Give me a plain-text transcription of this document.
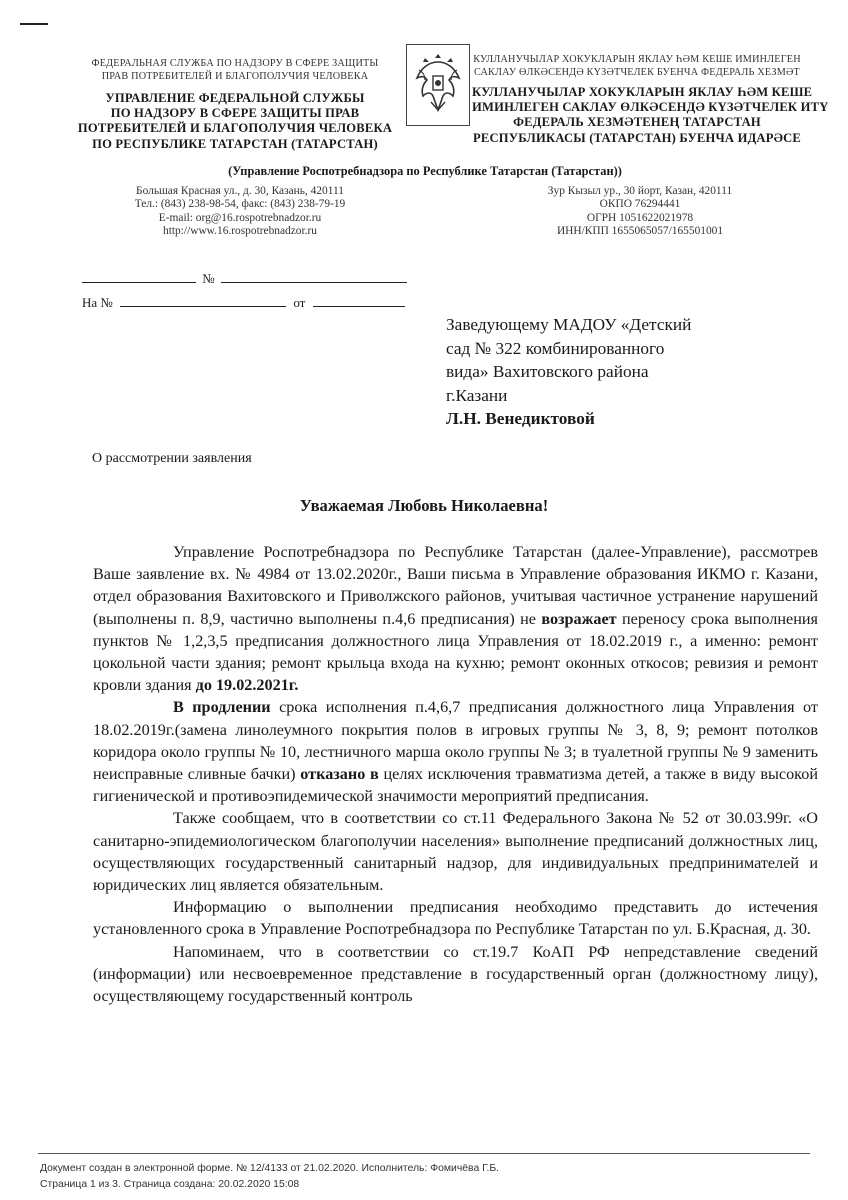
ФЕДЕРАЛЬНАЯ СЛУЖБА ПО НАДЗОРУ В СФЕРЕ ЗАЩИТЫ
ПРАВ ПОТРЕБИТЕЛЕЙ И БЛАГОПОЛУЧИЯ ЧЕЛОВЕКА
УПРАВЛЕНИЕ ФЕДЕРАЛЬНОЙ СЛУЖБЫ
ПО НАДЗОРУ В СФЕРЕ ЗАЩИТЫ ПРАВ
ПОТРЕБИТЕЛЕЙ И БЛАГОПОЛУЧИЯ ЧЕЛОВЕКА
ПО РЕСПУБЛИКЕ ТАТАРСТАН (ТАТАРСТАН)
КУЛЛАНУЧЫЛАР ХОКУКЛАРЫН ЯКЛАУ ҺӘМ КЕШЕ ИМИНЛЕГЕН
САКЛАУ ӨЛКӘСЕНДӘ КҮЗӘТЧЕЛЕК БУЕНЧА ФЕДЕРАЛЬ ХЕЗМӘТ
КУЛЛАНУЧЫЛАР ХОКУКЛАРЫН ЯКЛАУ ҺӘМ КЕШЕ
ИМИНЛЕГЕН САКЛАУ ӨЛКӘСЕНДӘ КҮЗӘТЧЕЛЕК ИТҮ
ФЕДЕРАЛЬ ХЕЗМӘТЕНЕҢ ТАТАРСТАН
РЕСПУБЛИКАСЫ (ТАТАРСТАН) БУЕНЧА ИДАРӘСЕ
(Управление Роспотребнадзора по Республике Татарстан (Татарстан))
Большая Красная ул., д. 30, Казань, 420111
Тел.: (843) 238-98-54, факс: (843) 238-79-19
E-mail: org@16.rospotrebnadzor.ru
http://www.16.rospotrebnadzor.ru
Зур Кызыл ур., 30 йорт, Казан, 420111
ОКПО 76294441
ОГРН 1051622021978
ИНН/КПП 1655065057/165501001
№
На №	от
Заведующему МАДОУ «Детский
сад № 322 комбинированного
вида» Вахитовского района
г.Казани
Л.Н. Венедиктовой
О рассмотрении заявления
Уважаемая Любовь Николаевна!

Управление Роспотребнадзора по Республике Татарстан (далее-Управление), рассмотрев Ваше заявление вх. № 4984 от 13.02.2020г., Ваши письма в Управление образования ИКМО г. Казани, отдел образования Вахитовского и Приволжского районов, учитывая частичное устранение нарушений (выполнены п. 8,9, частично выполнены п.4,6 предписания) не возражает переносу срока выполнения пунктов № 1,2,3,5 предписания должностного лица Управления от 18.02.2019 г., а именно: ремонт цокольной части здания; ремонт крыльца входа на кухню; ремонт оконных откосов; ревизия и ремонт кровли здания до 19.02.2021г.

В продлении срока исполнения п.4,6,7 предписания должностного лица Управления от 18.02.2019г.(замена линолеумного покрытия полов в игровых группы № 3, 8, 9; ремонт потолков коридора около группы № 10, лестничного марша около группы № 3; в туалетной группы № 9 заменить неисправные сливные бачки) отказано в целях исключения травматизма детей, а также в виду высокой гигиенической и противоэпидемической значимости мероприятий предписания.

Также сообщаем, что в соответствии со ст.11 Федерального Закона № 52 от 30.03.99г. «О санитарно-эпидемиологическом благополучии населения» выполнение предписаний должностных лиц, осуществляющих государственный санитарный надзор, для индивидуальных предпринимателей и юридических лиц является обязательным.

Информацию о выполнении предписания необходимо представить до истечения установленного срока в Управление Роспотребнадзора по Республике Татарстан по ул. Б.Красная, д. 30.

Напоминаем, что в соответствии со ст.19.7 КоАП РФ непредставление сведений (информации) или несвоевременное представление в государственный орган (должностному лицу), осуществляющему государственный контроль

Документ создан в электронной форме. № 12/4133 от 21.02.2020. Исполнитель: Фомичёва Г.Б.
Страница 1 из 3. Страница создана: 20.02.2020 15:08
